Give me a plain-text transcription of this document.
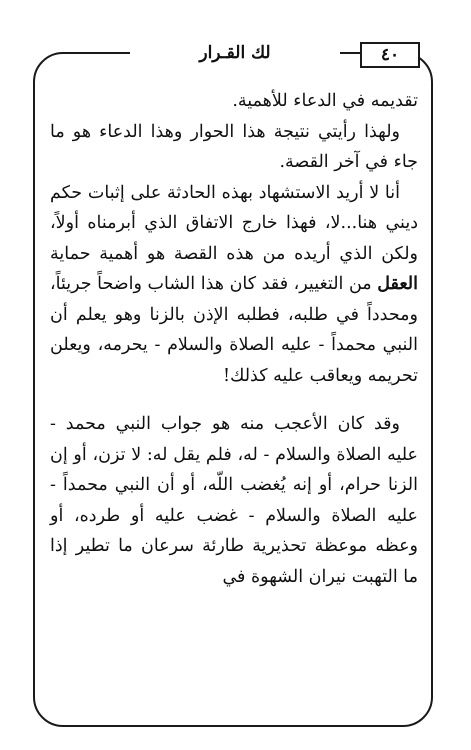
لك القـرار	٤٠

تقديمه في الدعاء للأهمية.

ولهذا رأيتي نتيجة هذا الحوار وهذا الدعاء هو ما جاء في آخر القصة.

أنا لا أريد الاستشهاد بهذه الحادثة على إثبات حكم ديني هنا...لا، فهذا خارج الاتفاق الذي أبرمناه أولاً، ولكن الذي أريده من هذه القصة هو أهمية حماية العقل من التغيير، فقد كان هذا الشاب واضحاً جريئاً، ومحدداً في طلبه، فطلبه الإذن بالزنا وهو يعلم أن النبي محمداً - عليه الصلاة والسلام - يحرمه، ويعلن تحريمه ويعاقب عليه كذلك!

وقد كان الأعجب منه هو جواب النبي محمد - عليه الصلاة والسلام - له، فلم يقل له: لا تزن، أو إن الزنا حرام، أو إنه يُغضب اللّه، أو أن النبي محمداً - عليه الصلاة والسلام - غضب عليه أو طرده، أو وعظه موعظة تحذيرية طارئة سرعان ما تطير إذا ما التهبت نيران الشهوة في
